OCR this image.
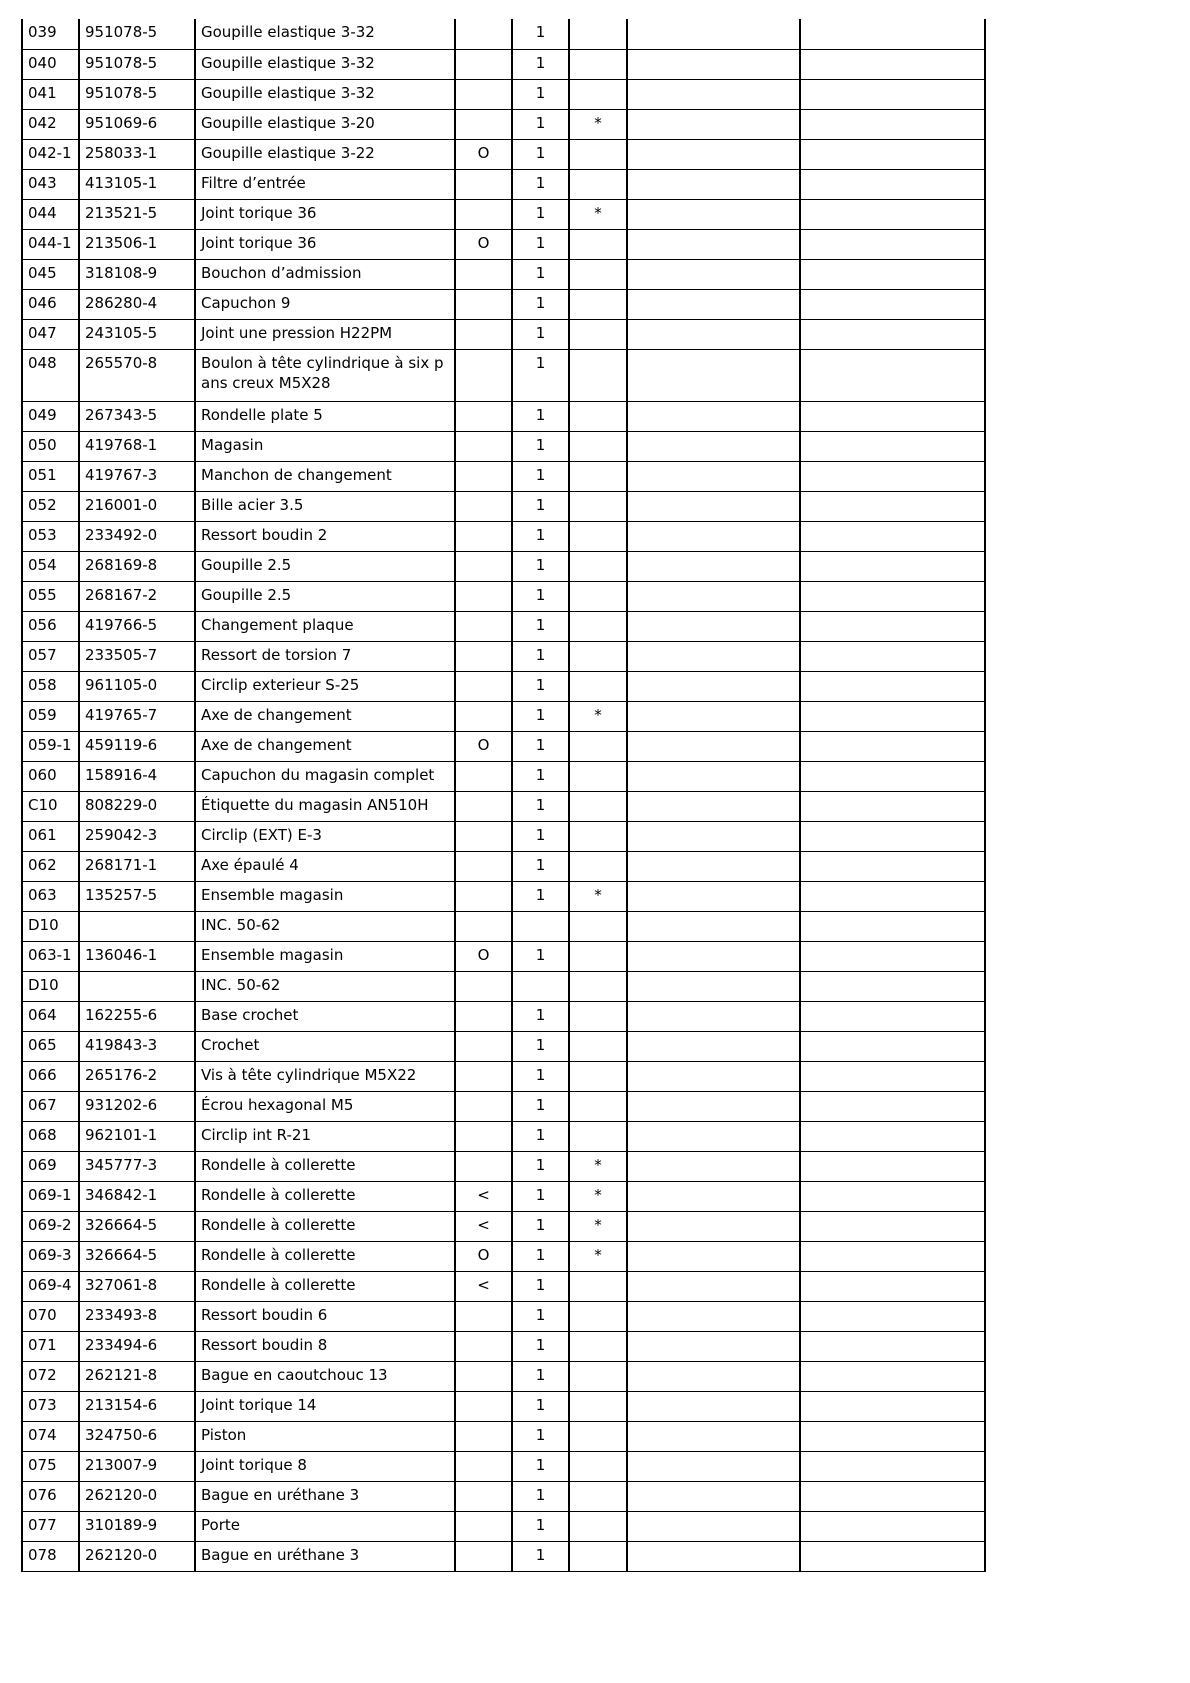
039	951078-5	Goupille elastique 3-32		1			
040	951078-5	Goupille elastique 3-32		1			
041	951078-5	Goupille elastique 3-32		1			
042	951069-6	Goupille elastique 3-20		1	*		
042-1	258033-1	Goupille elastique 3-22	O	1			
043	413105-1	Filtre d’entrée		1			
044	213521-5	Joint torique 36		1	*		
044-1	213506-1	Joint torique 36	O	1			
045	318108-9	Bouchon d’admission		1			
046	286280-4	Capuchon 9		1			
047	243105-5	Joint une pression H22PM		1			
048	265570-8	Boulon à tête cylindrique à six pans creux M5X28		1			
049	267343-5	Rondelle plate 5		1			
050	419768-1	Magasin		1			
051	419767-3	Manchon de changement		1			
052	216001-0	Bille acier 3.5		1			
053	233492-0	Ressort boudin 2		1			
054	268169-8	Goupille 2.5		1			
055	268167-2	Goupille 2.5		1			
056	419766-5	Changement plaque		1			
057	233505-7	Ressort de torsion 7		1			
058	961105-0	Circlip exterieur S-25		1			
059	419765-7	Axe de changement		1	*		
059-1	459119-6	Axe de changement	O	1			
060	158916-4	Capuchon du magasin complet		1			
C10	808229-0	Étiquette du magasin AN510H		1			
061	259042-3	Circlip (EXT) E-3		1			
062	268171-1	Axe épaulé 4		1			
063	135257-5	Ensemble magasin		1	*		
D10		INC. 50-62					

063-1	136046-1	Ensemble magasin	O	1			
D10		INC. 50-62					

064	162255-6	Base crochet		1			
065	419843-3	Crochet		1			
066	265176-2	Vis à tête cylindrique M5X22		1			
067	931202-6	Écrou hexagonal M5		1			
068	962101-1	Circlip int R-21		1			
069	345777-3	Rondelle à collerette		1	*		
069-1	346842-1	Rondelle à collerette	<	1	*		
069-2	326664-5	Rondelle à collerette	<	1	*		
069-3	326664-5	Rondelle à collerette	O	1	*		
069-4	327061-8	Rondelle à collerette	<	1			
070	233493-8	Ressort boudin 6		1			
071	233494-6	Ressort boudin 8		1			
072	262121-8	Bague en caoutchouc 13		1			
073	213154-6	Joint torique 14		1			
074	324750-6	Piston		1			
075	213007-9	Joint torique 8		1			
076	262120-0	Bague en uréthane 3		1			
077	310189-9	Porte		1			
078	262120-0	Bague en uréthane 3		1			
